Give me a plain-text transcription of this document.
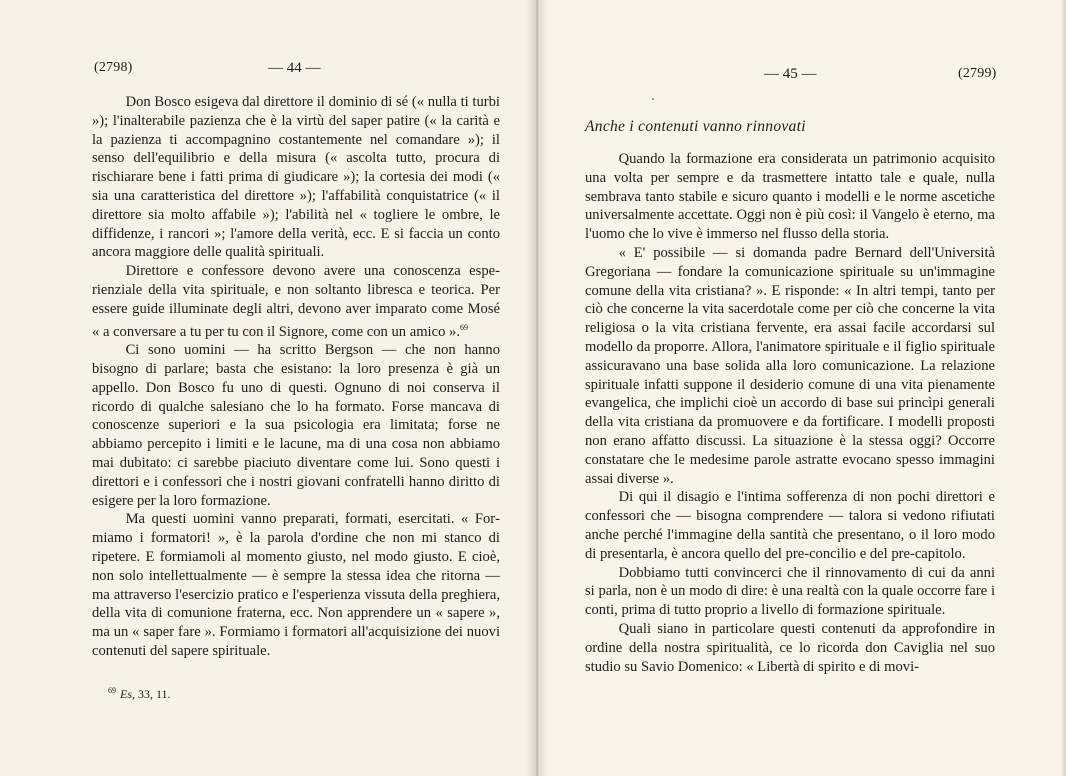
(2798)	— 44 —

Don Bosco esigeva dal direttore il dominio di sé (« nulla ti turbi »); l'inalterabile pazienza che è la virtù del saper patire (« la carità e la pazienza ti accompagnino costantemente nel comandare »); il senso dell'equilibrio e della misura (« ascolta tutto, procura di rischiarare bene i fatti prima di giudicare »); la cortesia dei modi (« sia una caratteristica del direttore »); l'affabilità conquistatrice (« il direttore sia molto affabile »); l'abilità nel « togliere le ombre, le diffidenze, i rancori »; l'amore della verità, ecc. E si faccia un conto ancora maggiore delle qualità spirituali.

Direttore e confessore devono avere una conoscenza esperienziale della vita spirituale, e non soltanto libresca e teorica. Per essere guide illuminate degli altri, devono aver imparato come Mosé « a conversare a tu per tu con il Signore, come con un amico ».$^{69}$

Ci sono uomini — ha scritto Bergson — che non hanno bisogno di parlare; basta che esistano: la loro presenza è già un appello. Don Bosco fu uno di questi. Ognuno di noi conserva il ricordo di qualche salesiano che lo ha formato. Forse mancava di conoscenze superiori e la sua psicologia era limitata; forse ne abbiamo percepito i limiti e le lacune, ma di una cosa non abbiamo mai dubitato: ci sarebbe piaciuto diventare come lui. Sono questi i direttori e i confessori che i nostri giovani confratelli hanno diritto di esigere per la loro formazione.

Ma questi uomini vanno preparati, formati, esercitati. « Formiamo i formatori! », è la parola d'ordine che non mi stanco di ripetere. E formiamoli al momento giusto, nel modo giusto. E cioè, non solo intellettualmente — è sempre la stessa idea che ritorna — ma attraverso l'esercizio pratico e l'esperienza vissuta della preghiera, della vita di comunione fraterna, ecc. Non apprendere un « sapere », ma un « saper fare ». Formiamo i formatori all'acquisizione dei nuovi contenuti del sapere spirituale.

$^{69}$ Es, 33, 11.
— 45 —	(2799)
Anche i contenuti vanno rinnovati

Quando la formazione era considerata un patrimonio acquisito una volta per sempre e da trasmettere intatto tale e quale, nulla sembrava tanto stabile e sicuro quanto i modelli e le norme ascetiche universalmente accettate. Oggi non è più così: il Vangelo è eterno, ma l'uomo che lo vive è immerso nel flusso della storia.

« E' possibile — si domanda padre Bernard dell'Università Gregoriana — fondare la comunicazione spirituale su un'immagine comune della vita cristiana? ». E risponde: « In altri tempi, tanto per ciò che concerne la vita sacerdotale come per ciò che concerne la vita religiosa o la vita cristiana fervente, era assai facile accordarsi sul modello da proporre. Allora, l'animatore spirituale e il figlio spirituale assicuravano una base solida alla loro comunicazione. La relazione spirituale infatti suppone il desiderio comune di una vita pienamente evangelica, che implichi cioè un accordo di base sui princìpi generali della vita cristiana da promuovere e da fortificare. I modelli proposti non erano affatto discussi. La situazione è la stessa oggi? Occorre constatare che le medesime parole astratte evocano spesso immagini assai diverse ».

Di qui il disagio e l'intima sofferenza di non pochi direttori e confessori che — bisogna comprendere — talora si vedono rifiutati anche perché l'immagine della santità che presentano, o il loro modo di presentarla, è ancora quello del pre-concilio e del pre-capitolo.

Dobbiamo tutti convincerci che il rinnovamento di cui da anni si parla, non è un modo di dire: è una realtà con la quale occorre fare i conti, prima di tutto proprio a livello di formazione spirituale.

Quali siano in particolare questi contenuti da approfondire in ordine della nostra spiritualità, ce lo ricorda don Caviglia nel suo studio su Savio Domenico: « Libertà di spirito e di movi-
